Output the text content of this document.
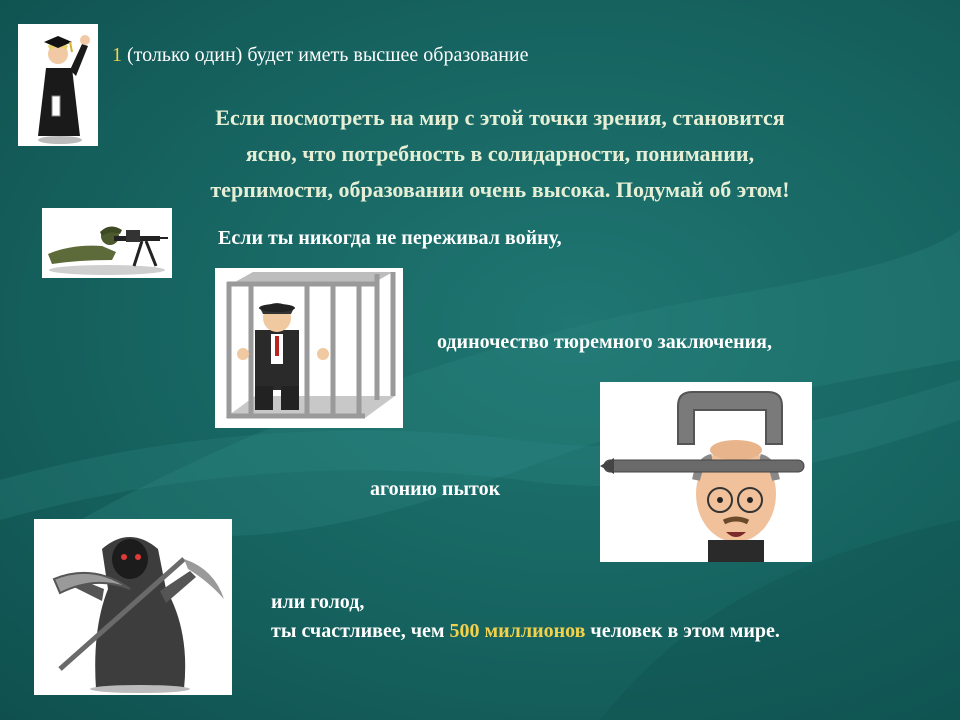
1 (только один) будет иметь высшее образование
Если посмотреть на мир с этой точки зрения, становится
ясно, что потребность в солидарности, понимании,
терпимости, образовании очень высока. Подумай об этом!
Если ты никогда не переживал войну,
одиночество тюремного заключения,
агонию пыток
или голод,
ты счастливее, чем 500 миллионов человек в этом мире.
